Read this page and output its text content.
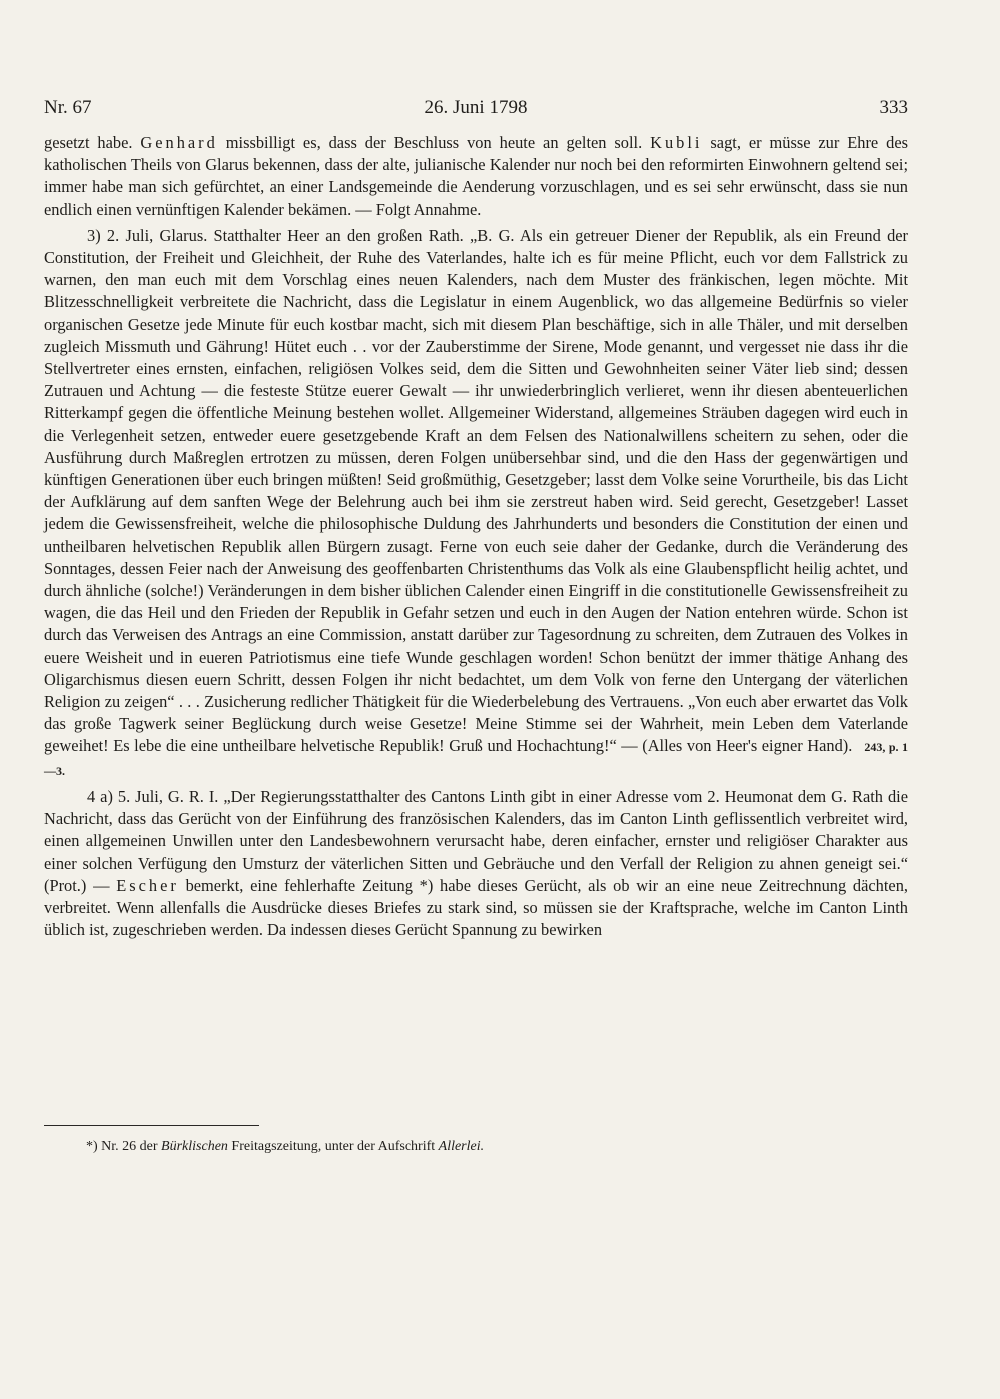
Nr. 67	26. Juni 1798	333

gesetzt habe. Genhard missbilligt es, dass der Beschluss von heute an gelten soll. Kubli sagt, er müsse zur Ehre des katholischen Theils von Glarus bekennen, dass der alte, julianische Kalender nur noch bei den reformirten Einwohnern geltend sei; immer habe man sich gefürchtet, an einer Landsgemeinde die Aenderung vorzuschlagen, und es sei sehr erwünscht, dass sie nun endlich einen vernünftigen Kalender bekämen. — Folgt Annahme.

3) 2. Juli, Glarus. Statthalter Heer an den großen Rath. „B. G. Als ein getreuer Diener der Republik, als ein Freund der Constitution, der Freiheit und Gleichheit, der Ruhe des Vaterlandes, halte ich es für meine Pflicht, euch vor dem Fallstrick zu warnen, den man euch mit dem Vorschlag eines neuen Kalenders, nach dem Muster des fränkischen, legen möchte. Mit Blitzesschnelligkeit verbreitete die Nachricht, dass die Legislatur in einem Augenblick, wo das allgemeine Bedürfnis so vieler organischen Gesetze jede Minute für euch kostbar macht, sich mit diesem Plan beschäftige, sich in alle Thäler, und mit derselben zugleich Missmuth und Gährung! Hütet euch . . vor der Zauberstimme der Sirene, Mode genannt, und vergesset nie dass ihr die Stellvertreter eines ernsten, einfachen, religiösen Volkes seid, dem die Sitten und Gewohnheiten seiner Väter lieb sind; dessen Zutrauen und Achtung — die festeste Stütze euerer Gewalt — ihr unwiederbringlich verlieret, wenn ihr diesen abenteuerlichen Ritterkampf gegen die öffentliche Meinung bestehen wollet. Allgemeiner Widerstand, allgemeines Sträuben dagegen wird euch in die Verlegenheit setzen, entweder euere gesetzgebende Kraft an dem Felsen des Nationalwillens scheitern zu sehen, oder die Ausführung durch Maßreglen ertrotzen zu müssen, deren Folgen unübersehbar sind, und die den Hass der gegenwärtigen und künftigen Generationen über euch bringen müßten! Seid großmüthig, Gesetzgeber; lasst dem Volke seine Vorurtheile, bis das Licht der Aufklärung auf dem sanften Wege der Belehrung auch bei ihm sie zerstreut haben wird. Seid gerecht, Gesetzgeber! Lasset jedem die Gewissensfreiheit, welche die philosophische Duldung des Jahrhunderts und besonders die Constitution der einen und untheilbaren helvetischen Republik allen Bürgern zusagt. Ferne von euch seie daher der Gedanke, durch die Veränderung des Sonntages, dessen Feier nach der Anweisung des geoffenbarten Christenthums das Volk als eine Glaubenspflicht heilig achtet, und durch ähnliche (solche!) Veränderungen in dem bisher üblichen Calender einen Eingriff in die constitutionelle Gewissensfreiheit zu wagen, die das Heil und den Frieden der Republik in Gefahr setzen und euch in den Augen der Nation entehren würde. Schon ist durch das Verweisen des Antrags an eine Commission, anstatt darüber zur Tagesordnung zu schreiten, dem Zutrauen des Volkes in euere Weisheit und in eueren Patriotismus eine tiefe Wunde geschlagen worden! Schon benützt der immer thätige Anhang des Oligarchismus diesen euern Schritt, dessen Folgen ihr nicht bedachtet, um dem Volk von ferne den Untergang der väterlichen Religion zu zeigen“ . . . Zusicherung redlicher Thätigkeit für die Wiederbelebung des Vertrauens. „Von euch aber erwartet das Volk das große Tagwerk seiner Beglückung durch weise Gesetze! Meine Stimme sei der Wahrheit, mein Leben dem Vaterlande geweihet! Es lebe die eine untheilbare helvetische Republik! Gruß und Hochachtung!“ — (Alles von Heer's eigner Hand). 243, p. 1—3.

4 a) 5. Juli, G. R. I. „Der Regierungsstatthalter des Cantons Linth gibt in einer Adresse vom 2. Heumonat dem G. Rath die Nachricht, dass das Gerücht von der Einführung des französischen Kalenders, das im Canton Linth geflissentlich verbreitet wird, einen allgemeinen Unwillen unter den Landesbewohnern verursacht habe, deren einfacher, ernster und religiöser Charakter aus einer solchen Verfügung den Umsturz der väterlichen Sitten und Gebräuche und den Verfall der Religion zu ahnen geneigt sei.“ (Prot.) — Escher bemerkt, eine fehlerhafte Zeitung *) habe dieses Gerücht, als ob wir an eine neue Zeitrechnung dächten, verbreitet. Wenn allenfalls die Ausdrücke dieses Briefes zu stark sind, so müssen sie der Kraftsprache, welche im Canton Linth üblich ist, zugeschrieben werden. Da indessen dieses Gerücht Spannung zu bewirken

*) Nr. 26 der Bürklischen Freitagszeitung, unter der Aufschrift Allerlei.
